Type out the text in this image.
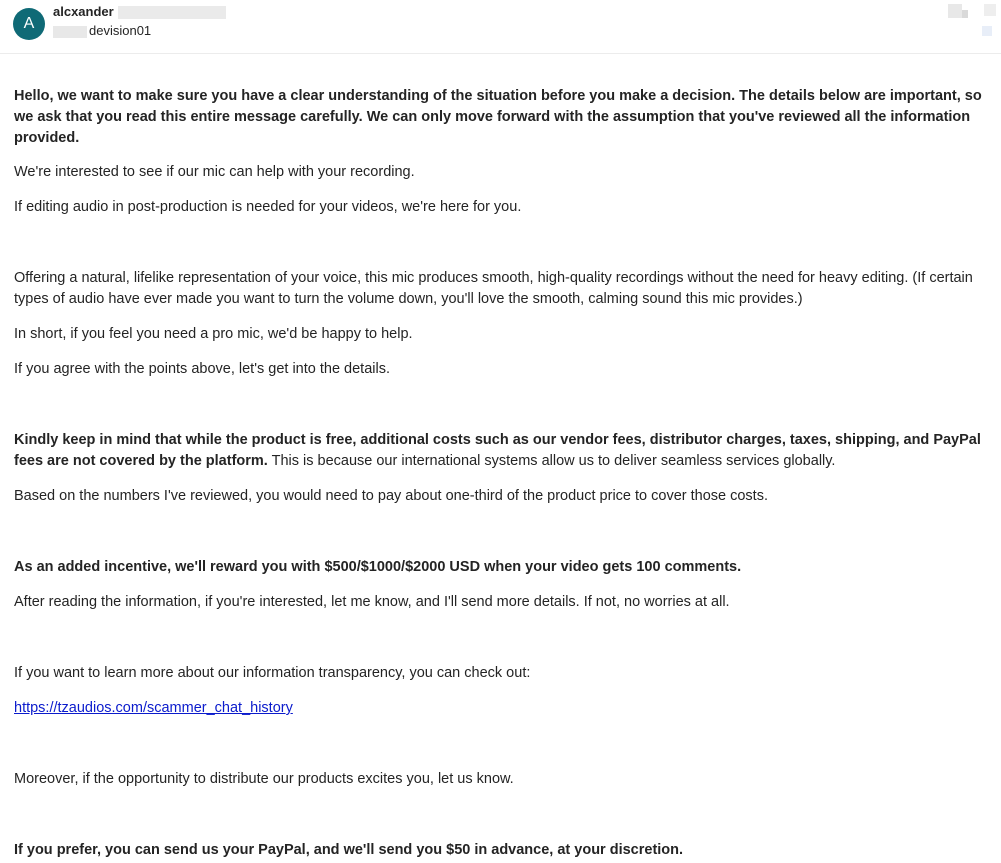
A
alcxander
devision01

Hello, we want to make sure you have a clear understanding of the situation before you make a decision. The details below are important, so we ask that you read this entire message carefully. We can only move forward with the assumption that you've reviewed all the information provided.

We're interested to see if our mic can help with your recording.

If editing audio in post-production is needed for your videos, we're here for you.

Offering a natural, lifelike representation of your voice, this mic produces smooth, high-quality recordings without the need for heavy editing. (If certain types of audio have ever made you want to turn the volume down, you'll love the smooth, calming sound this mic provides.)

In short, if you feel you need a pro mic, we'd be happy to help.

If you agree with the points above, let's get into the details.

Kindly keep in mind that while the product is free, additional costs such as our vendor fees, distributor charges, taxes, shipping, and PayPal fees are not covered by the platform. This is because our international systems allow us to deliver seamless services globally.

Based on the numbers I've reviewed, you would need to pay about one-third of the product price to cover those costs.

As an added incentive, we'll reward you with $500/$1000/$2000 USD when your video gets 100 comments.

After reading the information, if you're interested, let me know, and I'll send more details. If not, no worries at all.

If you want to learn more about our information transparency, you can check out:

https://tzaudios.com/scammer_chat_history

Moreover, if the opportunity to distribute our products excites you, let us know.

If you prefer, you can send us your PayPal, and we'll send you $50 in advance, at your discretion.
